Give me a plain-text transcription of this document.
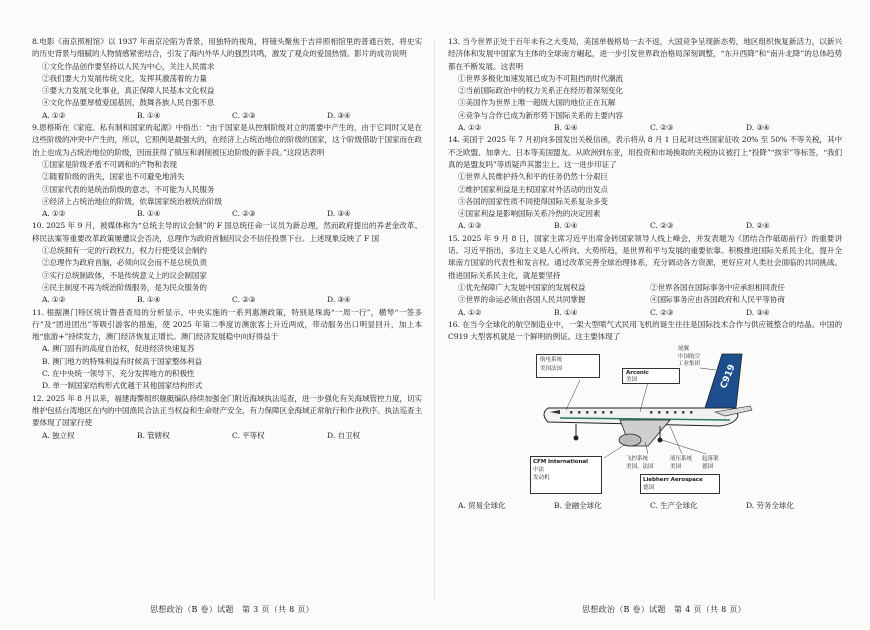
8.电影《南京照相馆》以 1937 年南京沦陷为背景，用独特的视角，将镜头聚焦于吉祥照相馆里的普通百姓，将史实的历史背景与细腻的人物情感紧密结合，引发了海内外华人的强烈共鸣，激发了观众的爱国热情。影片的成功说明
①文化作品创作要坚持以人民为中心，关注人民需求
②我们要大力发展传统文化，发挥其激荡着的力量
③要大力发展文化事业，真正保障人民基本文化权益
④文化作品要厚植爱国基因，鼓舞各族人民自强不息
A. ①②	B. ①④	C. ②③	D. ③④
9.恩格斯在《家庭、私有制和国家的起源》中指出：“由于国家是从控制阶级对立的需要中产生的，由于它同时又是在这些阶级的冲突中产生的，所以，它照例是最强大的，在经济上占统治地位的阶级的国家，这个阶级借助于国家而在政治上也成为占统治地位的阶级，因而获得了镇压和剥削被压迫阶级的新手段。”这段话表明
①国家是阶级矛盾不可调和的产物和表现
②随着阶级的消失，国家也不可避免地消失
③国家代表的是统治阶级的意志，不可能为人民服务
④经济上占统治地位的阶级，依靠国家统治被统治阶级
A. ①②	B. ①④	C. ②③	D. ③④
10. 2025 年 9 月，被媒体称为“总统主导的议会制”的 F 国总统任命一议员为新总理，然而政府提出的养老金改革、移民法案等重要改革政策屡遭议会否决，总理作为政府首脑因议会不信任投票下台。上述现象反映了 F 国
①总统拥有一定的行政权力，权力行使受议会制约
②总理作为政府首脑，必须向议会而不是总统负责
③实行总统制政体，不是传统意义上的议会制国家
④民主制度不再为统治阶级服务，是为民众服务的
A. ①②	B. ①④	C. ②③	D. ③④
11. 根据澳门特区统计暨普查局的分析显示，中央实施的一系列惠澳政策，特别是珠海“一周一行”，横琴“一签多行”及“团进团出”等吸引游客的措施，使 2025 年第二季度访澳旅客上升近两成，带动服务出口明显回升，加上本地“旅游+”持续发力，澳门经济恢复正增长。澳门经济发展稳中向好得益于
A. 澳门固有的高度自治权，促进经济快速复苏
B. 澳门地方的特殊利益有时候高于国家整体利益
C. 在中央统一领导下，充分发挥地方的积极性
D. 单一制国家结构形式优越于其他国家结构形式
12. 2025 年 8 月以来，福建海警组织舰艇编队持续加强金门附近海域执法巡查，进一步强化有关海域管控力度，切实维护包括台湾地区在内的中国渔民合法正当权益和生命财产安全，有力保障区金海域正常航行和作业秩序。执法巡查主要体现了国家行使
A. 独立权	B. 管辖权	C. 平等权	D. 自卫权
13. 当今世界正处于百年未有之大变局，美国单极格局一去不返，大国竞争呈现新态势，地区组织恢复新活力，以新兴经济体和发展中国家为主体的全球南方崛起，进一步引发世界政治格局深刻调整，“东升西降”和“南升北降”的总体趋势都在不断发展。这表明
①世界多极化加速发展已成为不可阻挡的时代潮流
②当前国际政治中的权力关系正在经历着深刻变化
③美国作为世界上唯一超级大国的地位正在瓦解
④竞争与合作已成为新形势下国际关系的主要内容
A. ①②	B. ①④	C. ②③	D. ③④
14. 美国于 2025 年 7 月初向多国发出关税信函，表示将从 8 月 1 日起对这些国家征收 20% 至 50% 不等关税，其中不乏欧盟、加拿大、日本等美国盟友。从欧洲到东亚，用投资和市场换取的关税协议被打上“投降”“挨宰”等标签，“我们真的是盟友吗”等质疑声其嚣尘上。这一进步印证了
①世界人民维护持久和平的任务仍然十分艰巨
②维护国家利益是主权国家对外活动的出发点
③各国的国家性质不同使得国际关系复杂多变
④国家利益是影响国际关系冷热的决定因素
A. ①③	B. ①④	C. ②③	D. ②④
15. 2025 年 9 月 8 日，国家主席习近平出席金砖国家领导人线上峰会，并发表题为《团结合作砥砺前行》的重要讲话。习近平指出，多边主义是人心所向、大势所趋，是世界和平与发展的重要依靠。积极推进国际关系民主化，提升全球南方国家的代表性和发言权。通过改革完善全球治理体系，充分调动各方资源，更好应对人类社会面临的共同挑战。推进国际关系民主化，就是要坚持
①优先保障广大发展中国家的发展权益	②世界各国在国际事务中应承担相同责任
③世界的命运必须由各国人民共同掌握	④国际事务应由各国政府和人民平等协商
A. ①②	B. ①④	C. ②③	D. ③④
16. 在当今全球化的航空制造业中，一架大型喷气式民用飞机的诞生往往是国际技术合作与供应链整合的结晶。中国的 C919 大型客机就是一个鲜明的例证。这主要体现了
C919
航电系统
美国法国
尾翼
中国航空
工业集团
Arconic
美国
CFM International
中法
发动机
飞控系统
美国、法国
液压系统
美国
起落架
德国
Liebherr Aerospace
德国
A. 贸易全球化	B. 金融全球化	C. 生产全球化	D. 劳务全球化
思想政治（B 卷）试题　第 3 页（共 8 页）	思想政治（B 卷）试题　第 4 页（共 8 页）
